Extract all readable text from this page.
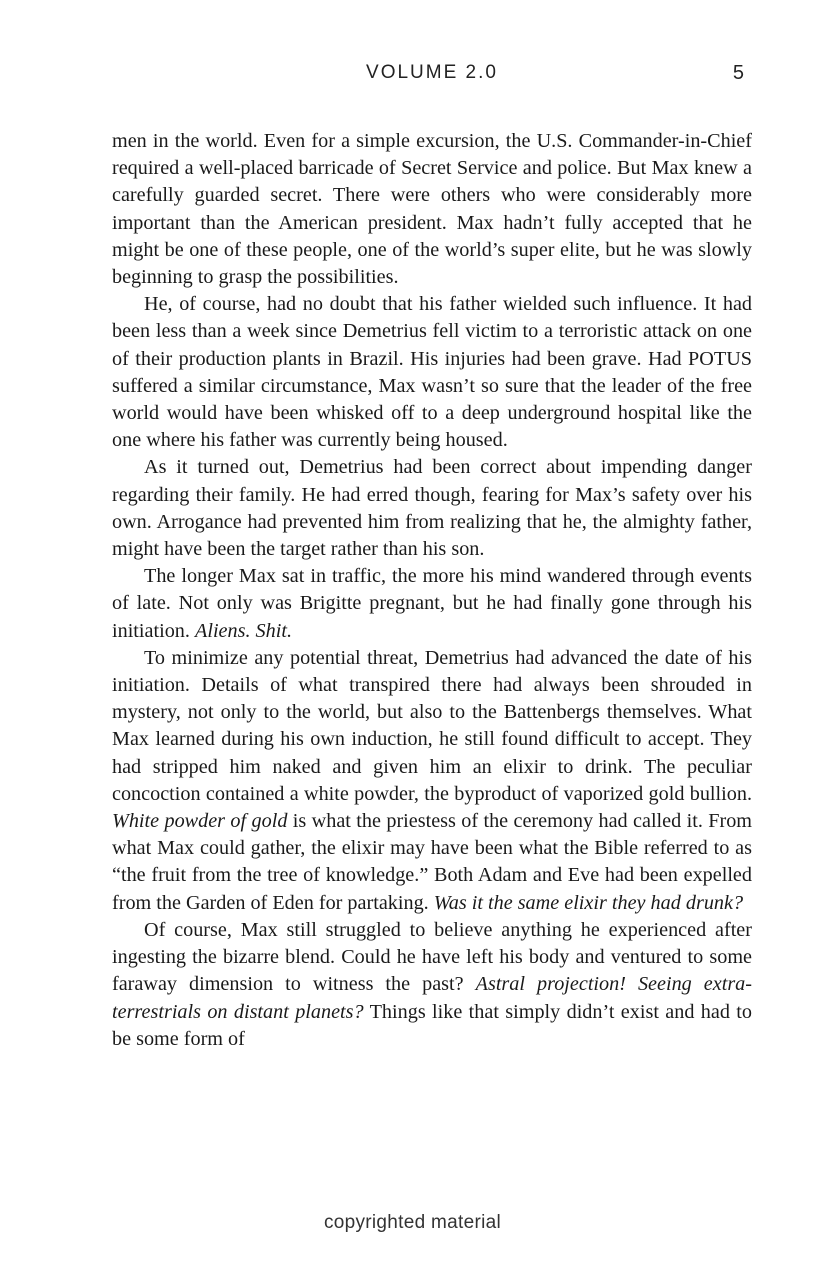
VOLUME 2.0	5

men in the world. Even for a simple excursion, the U.S. Commander-in-Chief required a well-placed barricade of Secret Service and police. But Max knew a carefully guarded secret. There were others who were considerably more important than the American president. Max hadn’t fully accepted that he might be one of these people, one of the world’s super elite, but he was slowly beginning to grasp the possibilities.

He, of course, had no doubt that his father wielded such influence. It had been less than a week since Demetrius fell victim to a terroristic attack on one of their production plants in Brazil. His injuries had been grave. Had POTUS suffered a similar circumstance, Max wasn’t so sure that the leader of the free world would have been whisked off to a deep underground hospital like the one where his father was currently being housed.

As it turned out, Demetrius had been correct about impending danger regarding their family. He had erred though, fearing for Max’s safety over his own. Arrogance had prevented him from realizing that he, the almighty father, might have been the target rather than his son.

The longer Max sat in traffic, the more his mind wandered through events of late. Not only was Brigitte pregnant, but he had finally gone through his initiation. Aliens. Shit.

To minimize any potential threat, Demetrius had advanced the date of his initiation. Details of what transpired there had always been shrouded in mystery, not only to the world, but also to the Battenbergs themselves. What Max learned during his own induction, he still found difficult to accept. They had stripped him naked and given him an elixir to drink. The peculiar concoction contained a white powder, the byproduct of vaporized gold bullion. White powder of gold is what the priestess of the ceremony had called it. From what Max could gather, the elixir may have been what the Bible referred to as “the fruit from the tree of knowledge.” Both Adam and Eve had been expelled from the Garden of Eden for partaking. Was it the same elixir they had drunk?

Of course, Max still struggled to believe anything he experienced after ingesting the bizarre blend. Could he have left his body and ventured to some faraway dimension to witness the past? Astral projection! Seeing extra-terrestrials on distant planets? Things like that simply didn’t exist and had to be some form of

copyrighted material
